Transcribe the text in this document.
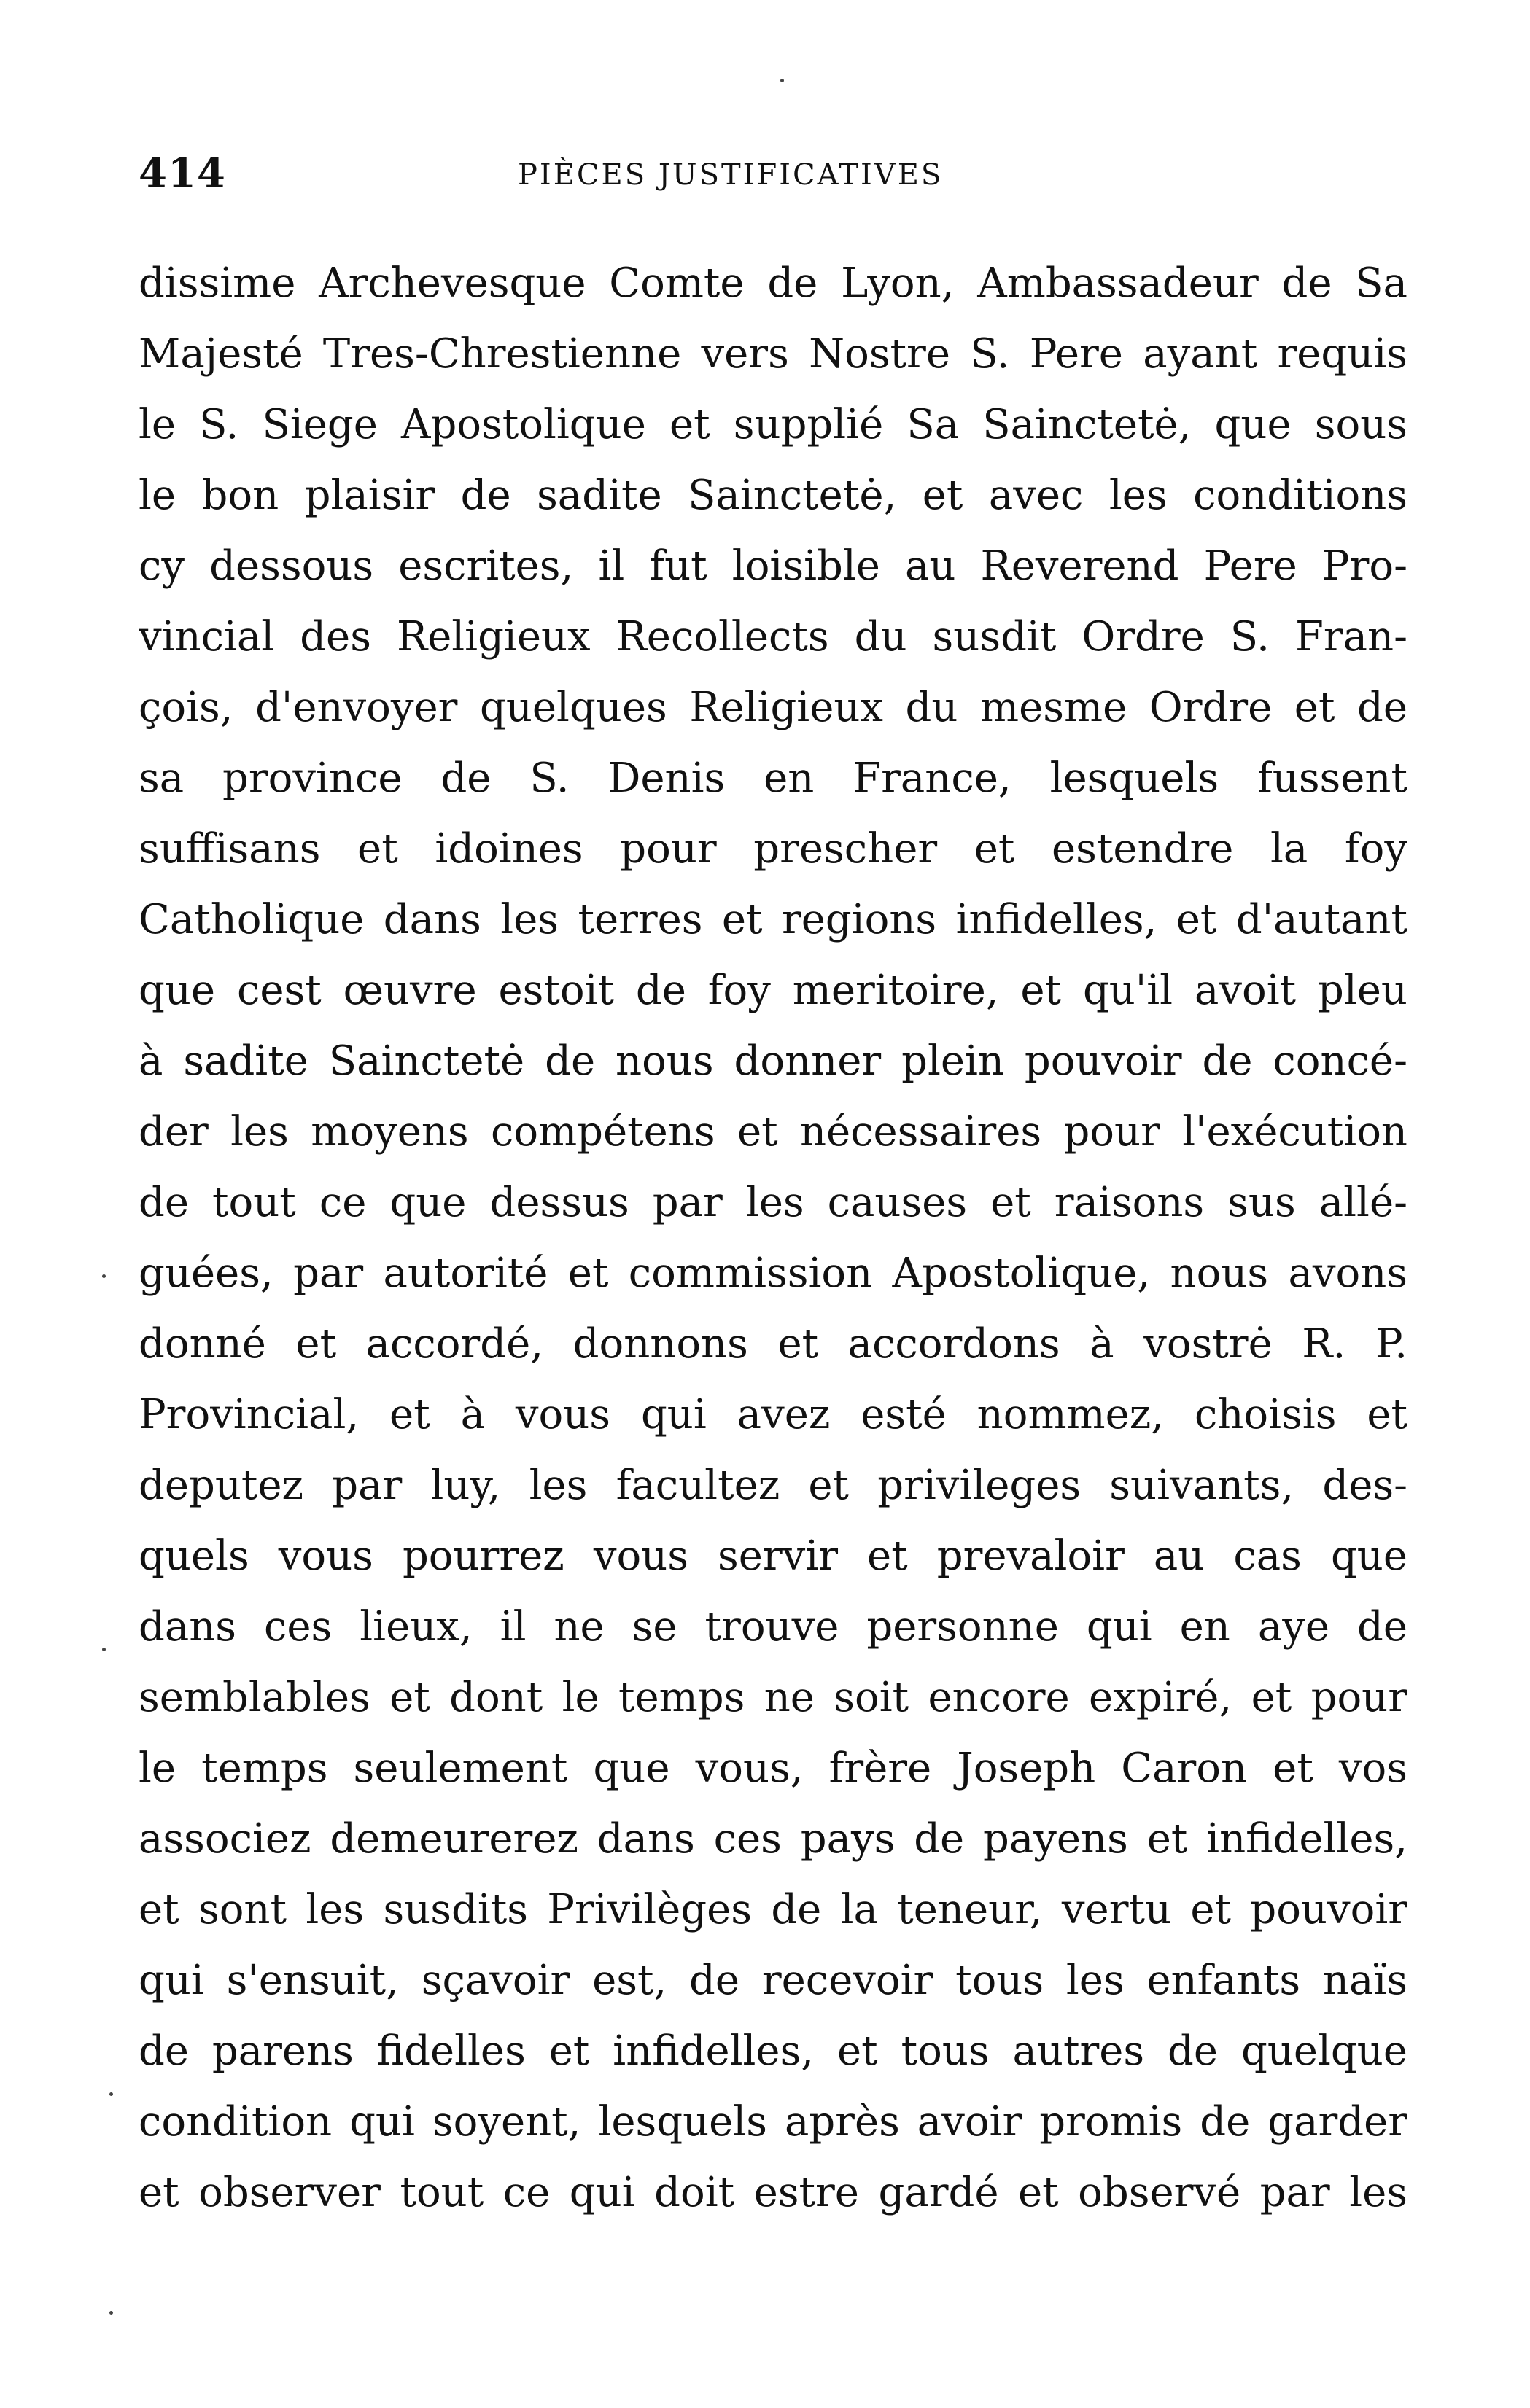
414	PIÈCES JUSTIFICATIVES
dissime Archevesque Comte de Lyon, Ambassadeur de Sa
Majesté Tres-Chrestienne vers Nostre S. Pere ayant requis
le S. Siege Apostolique et supplié Sa Sainctetė, que sous
le bon plaisir de sadite Sainctetė, et avec les conditions
cy dessous escrites, il fut loisible au Reverend Pere Pro-
vincial des Religieux Recollects du susdit Ordre S. Fran-
çois, d'envoyer quelques Religieux du mesme Ordre et de
sa province de S. Denis en France, lesquels fussent
suffisans et idoines pour prescher et estendre la foy
Catholique dans les terres et regions infidelles, et d'autant
que cest œuvre estoit de foy meritoire, et qu'il avoit pleu
à sadite Sainctetė de nous donner plein pouvoir de concé-
der les moyens compétens et nécessaires pour l'exécution
de tout ce que dessus par les causes et raisons sus allé-
guées, par autorité et commission Apostolique, nous avons
donné et accordé, donnons et accordons à vostrė R. P.
Provincial, et à vous qui avez esté nommez, choisis et
deputez par luy, les facultez et privileges suivants, des-
quels vous pourrez vous servir et prevaloir au cas que
dans ces lieux, il ne se trouve personne qui en aye de
semblables et dont le temps ne soit encore expiré, et pour
le temps seulement que vous, frère Joseph Caron et vos
associez demeurerez dans ces pays de payens et infidelles,
et sont les susdits Privilèges de la teneur, vertu et pouvoir
qui s'ensuit, sçavoir est, de recevoir tous les enfants naïs
de parens fidelles et infidelles, et tous autres de quelque
condition qui soyent, lesquels après avoir promis de garder
et observer tout ce qui doit estre gardé et observé par les
